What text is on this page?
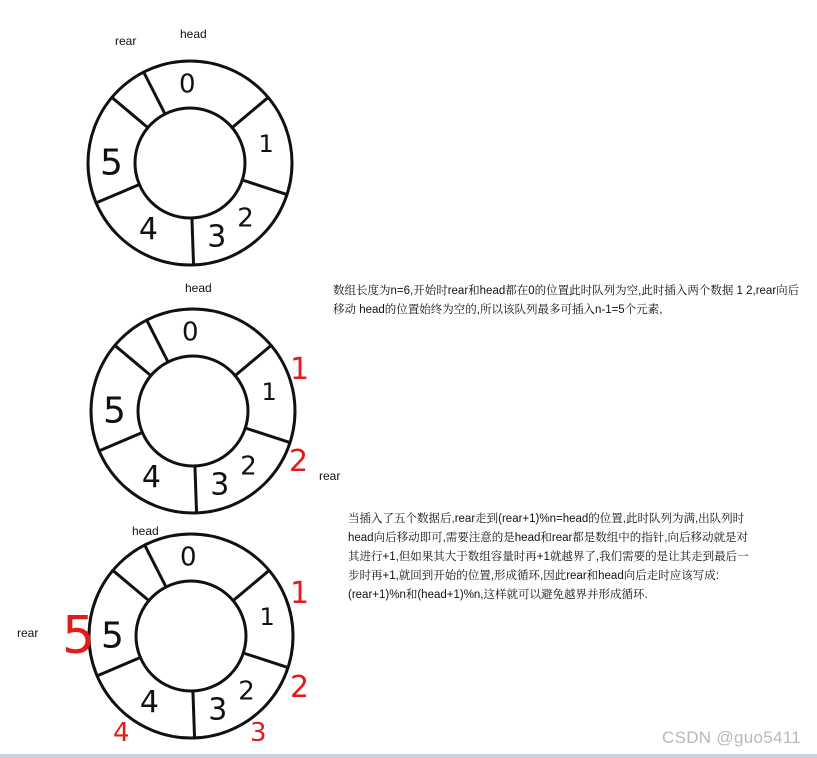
rear	head
0
1
2
3
4
5
head
rear
0
1
2
3
4
5
1
2
head
rear
0
1
2
3
4
5
1
2
3
4
5
数组长度为n=6,开始时rear和head都在0的位置此时队列为空,此时插入两个数据 1 2,rear向后
移动 head的位置始终为空的,所以该队列最多可插入n-1=5个元素,
当插入了五个数据后,rear走到(rear+1)%n=head的位置,此时队列为满,出队列时
head向后移动即可,需要注意的是head和rear都是数组中的指针,向后移动就是对
其进行+1,但如果其大于数组容量时再+1就越界了,我们需要的是让其走到最后一
步时再+1,就回到开始的位置,形成循环,因此rear和head向后走时应该写成:
(rear+1)%n和(head+1)%n,这样就可以避免越界并形成循环.
CSDN @guo5411
